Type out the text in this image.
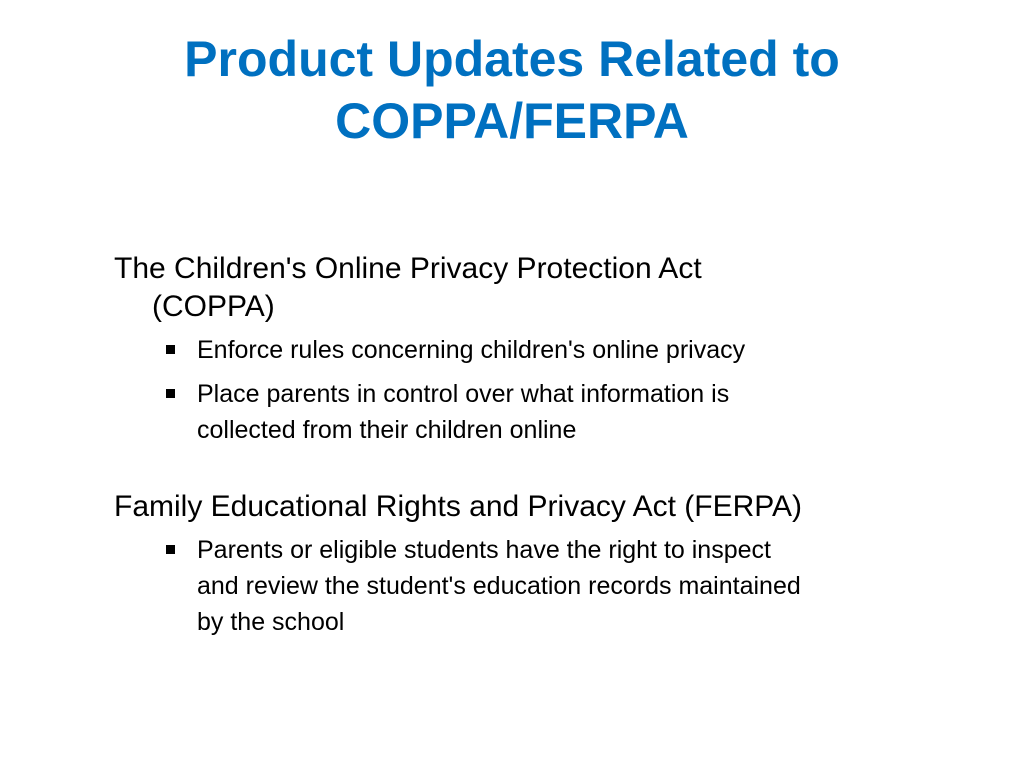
Product Updates Related to
COPPA/FERPA

The Children's Online Privacy Protection Act
(COPPA)

Enforce rules concerning children's online privacy
Place parents in control over what information is
collected from their children online

Family Educational Rights and Privacy Act (FERPA)

Parents or eligible students have the right to inspect
and review the student's education records maintained
by the school
